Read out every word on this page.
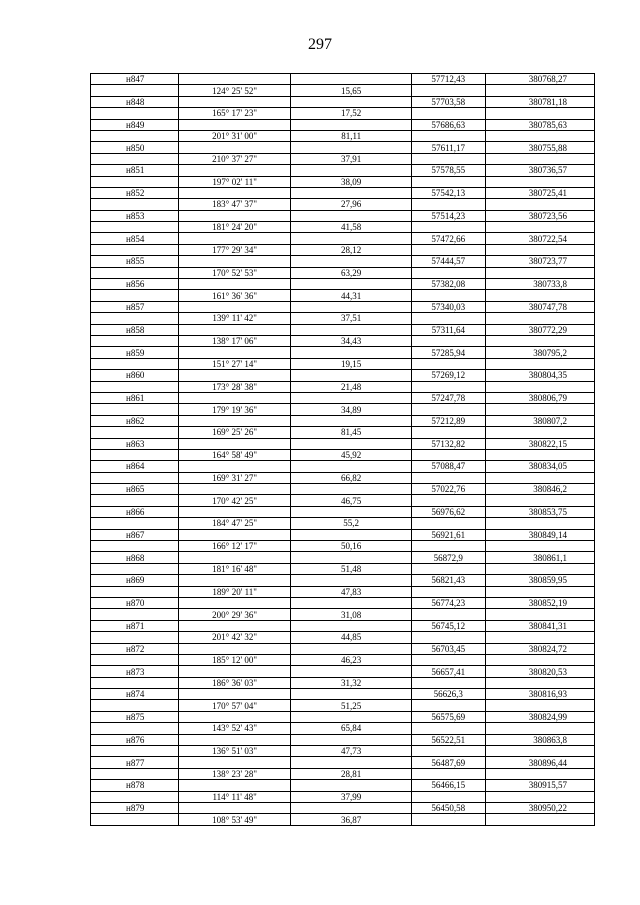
297
н847			57712,43	380768,27
	124° 25' 52"	15,65		
н848			57703,58	380781,18
	165° 17' 23"	17,52		
н849			57686,63	380785,63
	201° 31' 00"	81,11		
н850			57611,17	380755,88
	210° 37' 27"	37,91		
н851			57578,55	380736,57
	197° 02' 11"	38,09		
н852			57542,13	380725,41
	183° 47' 37"	27,96		
н853			57514,23	380723,56
	181° 24' 20"	41,58		
н854			57472,66	380722,54
	177° 29' 34"	28,12		
н855			57444,57	380723,77
	170° 52' 53"	63,29		
н856			57382,08	380733,8
	161° 36' 36"	44,31		
н857			57340,03	380747,78
	139° 11' 42"	37,51		
н858			57311,64	380772,29
	138° 17' 06"	34,43		
н859			57285,94	380795,2
	151° 27' 14"	19,15		
н860			57269,12	380804,35
	173° 28' 38"	21,48		
н861			57247,78	380806,79
	179° 19' 36"	34,89		
н862			57212,89	380807,2
	169° 25' 26"	81,45		
н863			57132,82	380822,15
	164° 58' 49"	45,92		
н864			57088,47	380834,05
	169° 31' 27"	66,82		
н865			57022,76	380846,2
	170° 42' 25"	46,75		
н866			56976,62	380853,75
	184° 47' 25"	55,2		
н867			56921,61	380849,14
	166° 12' 17"	50,16		
н868			56872,9	380861,1
	181° 16' 48"	51,48		
н869			56821,43	380859,95
	189° 20' 11"	47,83		
н870			56774,23	380852,19
	200° 29' 36"	31,08		
н871			56745,12	380841,31
	201° 42' 32"	44,85		
н872			56703,45	380824,72
	185° 12' 00"	46,23		
н873			56657,41	380820,53
	186° 36' 03"	31,32		
н874			56626,3	380816,93
	170° 57' 04"	51,25		
н875			56575,69	380824,99
	143° 52' 43"	65,84		
н876			56522,51	380863,8
	136° 51' 03"	47,73		
н877			56487,69	380896,44
	138° 23' 28"	28,81		
н878			56466,15	380915,57
	114° 11' 48"	37,99		
н879			56450,58	380950,22
	108° 53' 49"	36,87		
